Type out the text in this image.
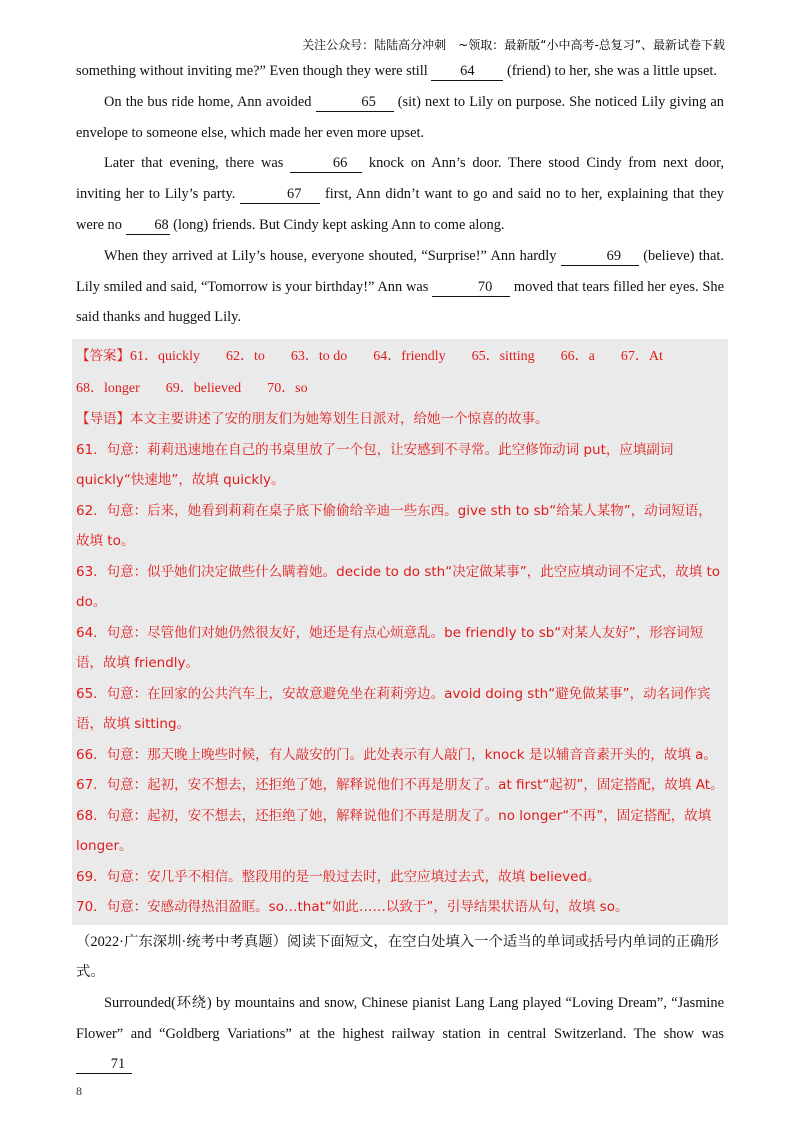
关注公众号：陆陆高分冲刺　~领取：最新版“小中高考-总复习”、最新试卷下载

something without inviting me?” Even though they were still 64 (friend) to her, she was a little upset.

On the bus ride home, Ann avoided	65 (sit) next to Lily on purpose. She noticed Lily giving an envelope to someone else, which made her even more upset.

Later that evening, there was	66 knock on Ann’s door. There stood Cindy from next door, inviting her to Lily’s party.	67 first, Ann didn’t want to go and said no to her, explaining that they were no 68 (long) friends. But Cindy kept asking Ann to come along.

When they arrived at Lily’s house, everyone shouted, “Surprise!” Ann hardly	69 (believe) that. Lily smiled and said, “Tomorrow is your birthday!” Ann was	70 moved that tears filled her eyes. She said thanks and hugged Lily.

【答案】61．quickly 62．to 63．to do 64．friendly 65．sitting 66．a 67．At

68．longer 69．believed 70．so

【导语】本文主要讲述了安的朋友们为她筹划生日派对，给她一个惊喜的故事。

61．句意：莉莉迅速地在自己的书桌里放了一个包，让安感到不寻常。此空修饰动词 put，应填副词 quickly“快速地”，故填 quickly。

62．句意：后来，她看到莉莉在桌子底下偷偷给辛迪一些东西。give sth to sb“给某人某物”，动词短语，故填 to。

63．句意：似乎她们决定做些什么瞒着她。decide to do sth“决定做某事”，此空应填动词不定式，故填 to do。

64．句意：尽管他们对她仍然很友好，她还是有点心烦意乱。be friendly to sb“对某人友好”，形容词短语，故填 friendly。

65．句意：在回家的公共汽车上，安故意避免坐在莉莉旁边。avoid doing sth“避免做某事”，动名词作宾语，故填 sitting。

66．句意：那天晚上晚些时候，有人敲安的门。此处表示有人敲门，knock 是以辅音音素开头的，故填 a。

67．句意：起初，安不想去，还拒绝了她，解释说他们不再是朋友了。at first“起初”，固定搭配，故填 At。

68．句意：起初，安不想去，还拒绝了她，解释说他们不再是朋友了。no longer“不再”，固定搭配，故填 longer。

69．句意：安几乎不相信。整段用的是一般过去时，此空应填过去式，故填 believed。

70．句意：安感动得热泪盈眶。so…that“如此……以致于”，引导结果状语从句，故填 so。

（2022·广东深圳·统考中考真题）阅读下面短文，在空白处填入一个适当的单词或括号内单词的正确形式。

Surrounded(环绕) by mountains and snow, Chinese pianist Lang Lang played “Loving Dream”, “Jasmine Flower” and “Goldberg Variations” at the highest railway station in central Switzerland. The show was 71

8
